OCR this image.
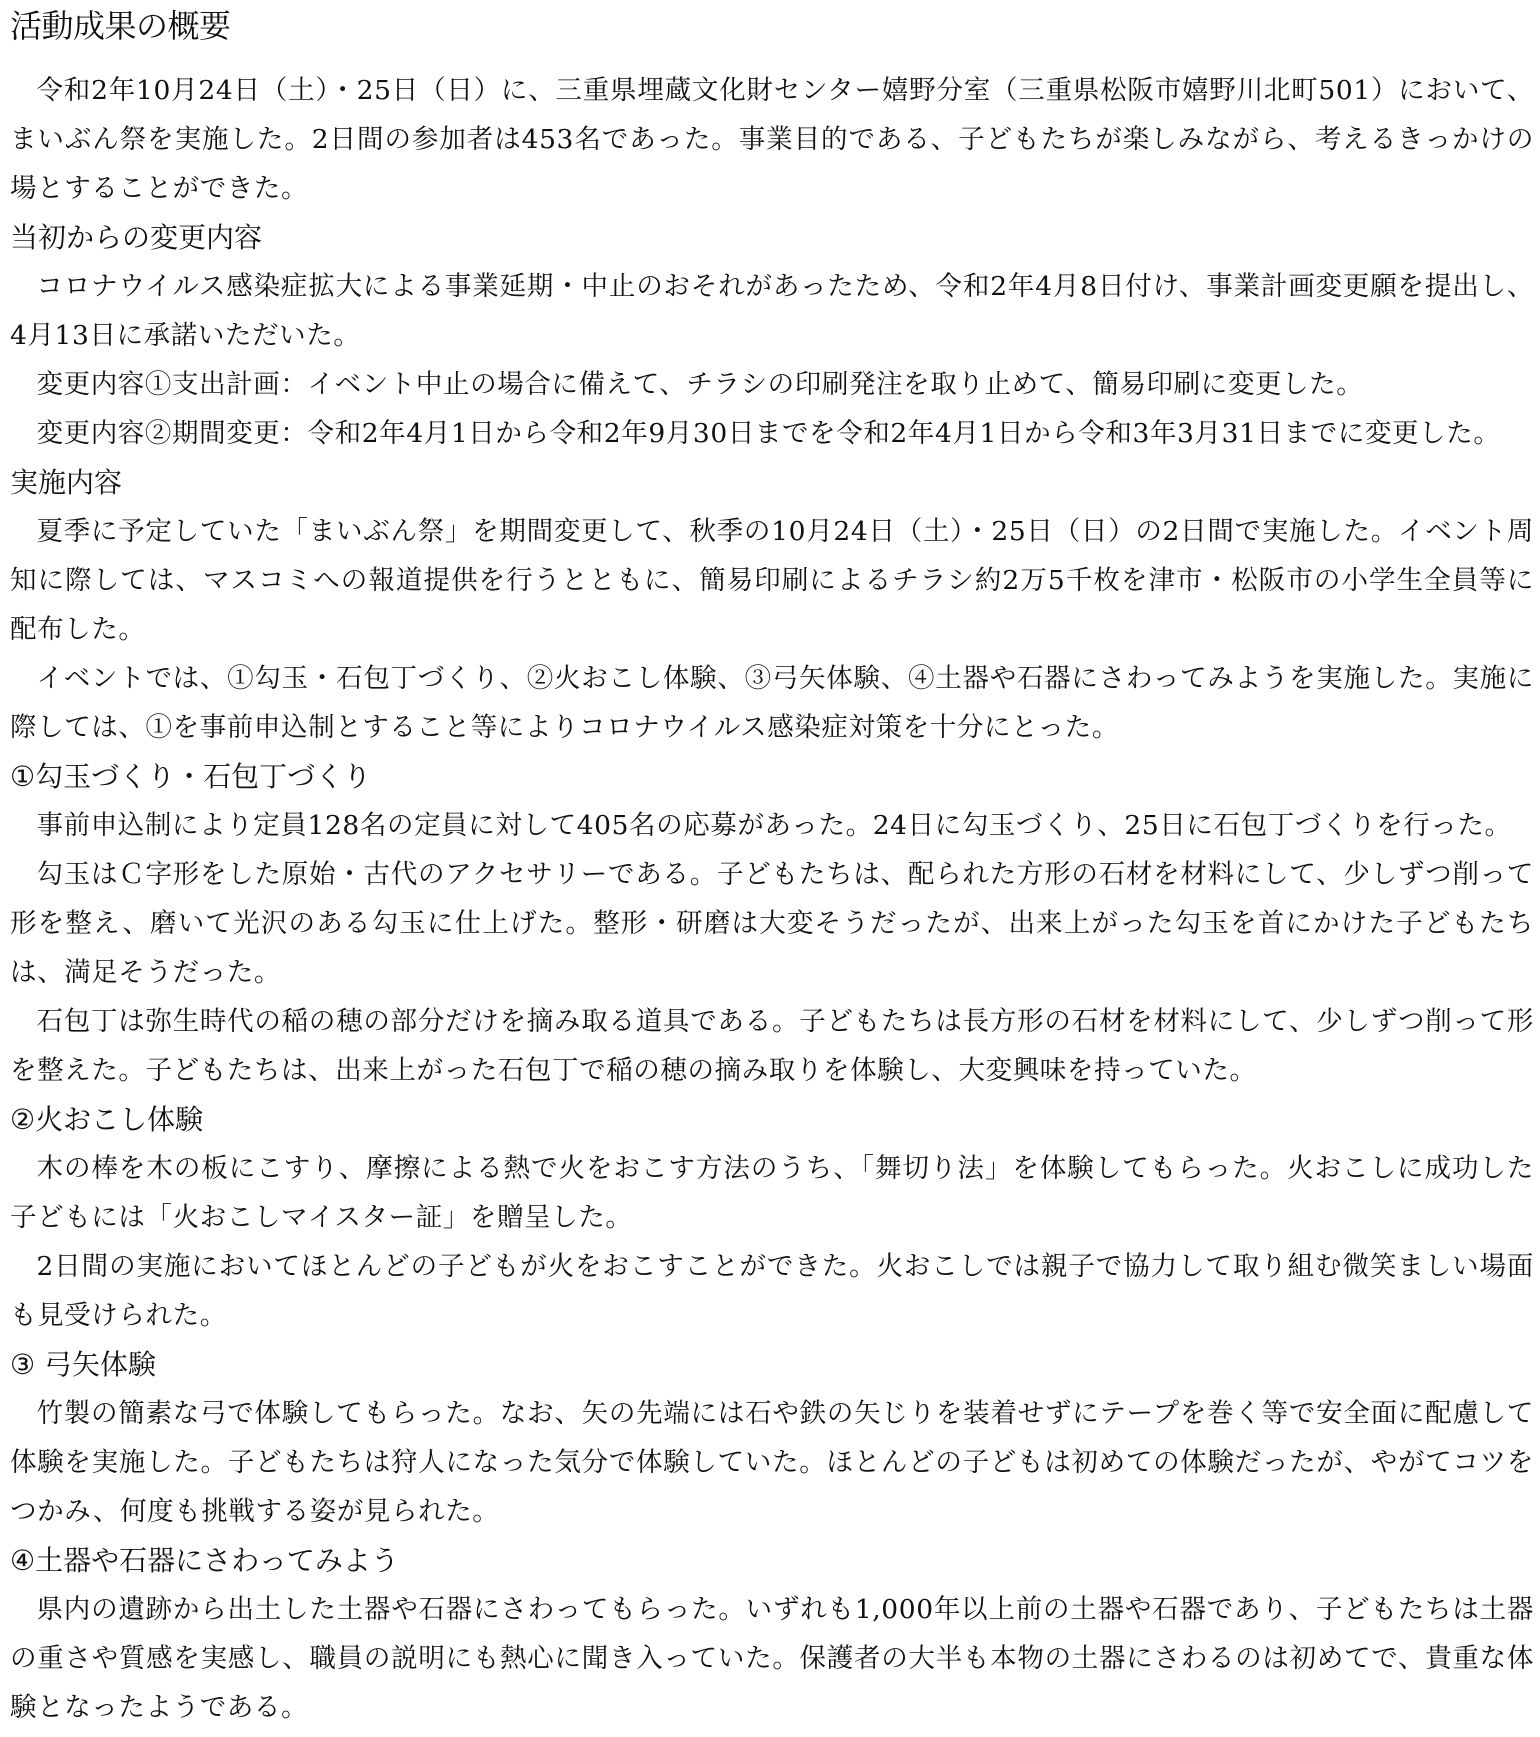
活動成果の概要

令和2年10月24日（土）・25日（日）に、三重県埋蔵文化財センター嬉野分室（三重県松阪市嬉野川北町501）において、まいぶん祭を実施した。2日間の参加者は453名であった。事業目的である、子どもたちが楽しみながら、考えるきっかけの場とすることができた。

当初からの変更内容

コロナウイルス感染症拡大による事業延期・中止のおそれがあったため、令和2年4月8日付け、事業計画変更願を提出し、4月13日に承諾いただいた。

変更内容①支出計画：イベント中止の場合に備えて、チラシの印刷発注を取り止めて、簡易印刷に変更した。

変更内容②期間変更：令和2年4月1日から令和2年9月30日までを令和2年4月1日から令和3年3月31日までに変更した。

実施内容

夏季に予定していた「まいぶん祭」を期間変更して、秋季の10月24日（土）・25日（日）の2日間で実施した。イベント周知に際しては、マスコミへの報道提供を行うとともに、簡易印刷によるチラシ約2万5千枚を津市・松阪市の小学生全員等に配布した。

イベントでは、①勾玉・石包丁づくり、②火おこし体験、③弓矢体験、④土器や石器にさわってみようを実施した。実施に際しては、①を事前申込制とすること等によりコロナウイルス感染症対策を十分にとった。

①勾玉づくり・石包丁づくり

事前申込制により定員128名の定員に対して405名の応募があった。24日に勾玉づくり、25日に石包丁づくりを行った。

勾玉はＣ字形をした原始・古代のアクセサリーである。子どもたちは、配られた方形の石材を材料にして、少しずつ削って形を整え、磨いて光沢のある勾玉に仕上げた。整形・研磨は大変そうだったが、出来上がった勾玉を首にかけた子どもたちは、満足そうだった。

石包丁は弥生時代の稲の穂の部分だけを摘み取る道具である。子どもたちは長方形の石材を材料にして、少しずつ削って形を整えた。子どもたちは、出来上がった石包丁で稲の穂の摘み取りを体験し、大変興味を持っていた。

②火おこし体験

木の棒を木の板にこすり、摩擦による熱で火をおこす方法のうち、「舞切り法」を体験してもらった。火おこしに成功した子どもには「火おこしマイスター証」を贈呈した。

2日間の実施においてほとんどの子どもが火をおこすことができた。火おこしでは親子で協力して取り組む微笑ましい場面も見受けられた。

③ 弓矢体験

竹製の簡素な弓で体験してもらった。なお、矢の先端には石や鉄の矢じりを装着せずにテープを巻く等で安全面に配慮して体験を実施した。子どもたちは狩人になった気分で体験していた。ほとんどの子どもは初めての体験だったが、やがてコツをつかみ、何度も挑戦する姿が見られた。

④土器や石器にさわってみよう

県内の遺跡から出土した土器や石器にさわってもらった。いずれも1,000年以上前の土器や石器であり、子どもたちは土器の重さや質感を実感し、職員の説明にも熱心に聞き入っていた。保護者の大半も本物の土器にさわるのは初めてで、貴重な体験となったようである。
